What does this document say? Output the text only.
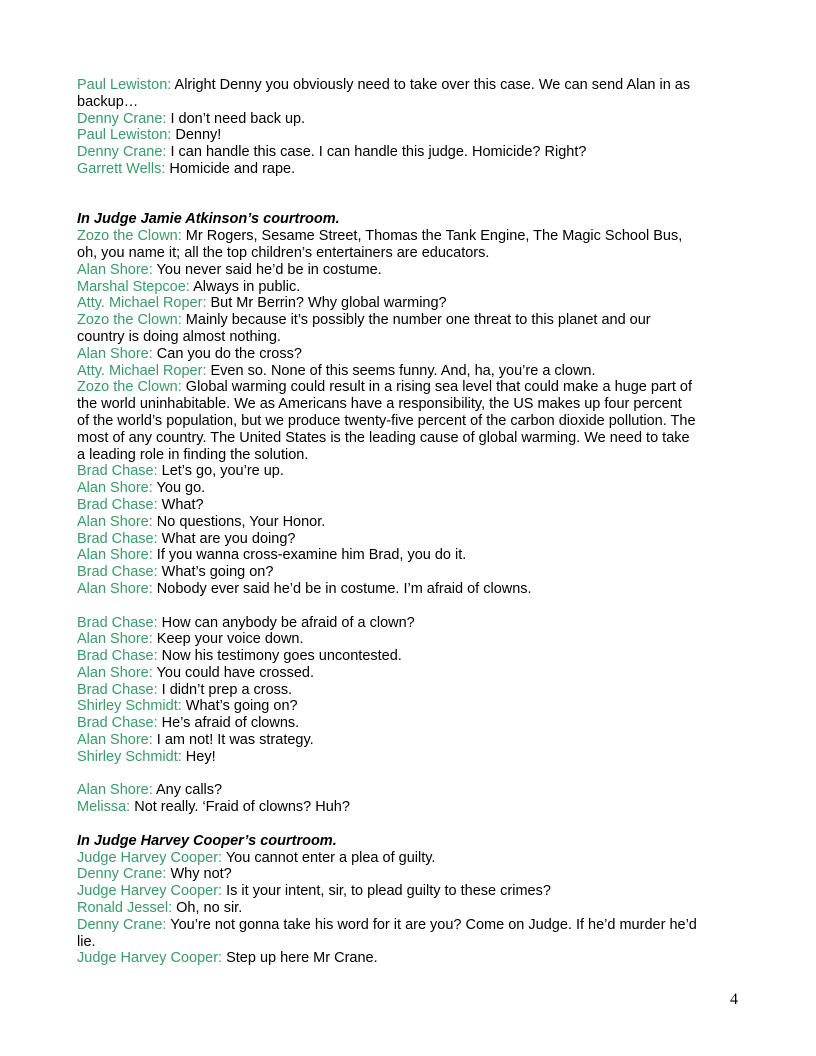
Paul Lewiston: Alright Denny you obviously need to take over this case. We can send Alan in as backup…

Denny Crane: I don’t need back up.

Paul Lewiston: Denny!

Denny Crane: I can handle this case. I can handle this judge. Homicide? Right?

Garrett Wells: Homicide and rape.

In Judge Jamie Atkinson’s courtroom.

Zozo the Clown: Mr Rogers, Sesame Street, Thomas the Tank Engine, The Magic School Bus, oh, you name it; all the top children’s entertainers are educators.

Alan Shore: You never said he’d be in costume.

Marshal Stepcoe: Always in public.

Atty. Michael Roper: But Mr Berrin? Why global warming?

Zozo the Clown: Mainly because it’s possibly the number one threat to this planet and our country is doing almost nothing.

Alan Shore: Can you do the cross?

Atty. Michael Roper: Even so. None of this seems funny. And, ha, you’re a clown.

Zozo the Clown: Global warming could result in a rising sea level that could make a huge part of the world uninhabitable. We as Americans have a responsibility, the US makes up four percent of the world’s population, but we produce twenty-five percent of the carbon dioxide pollution. The most of any country. The United States is the leading cause of global warming. We need to take a leading role in finding the solution.

Brad Chase: Let’s go, you’re up.

Alan Shore: You go.

Brad Chase: What?

Alan Shore: No questions, Your Honor.

Brad Chase: What are you doing?

Alan Shore: If you wanna cross-examine him Brad, you do it.

Brad Chase: What’s going on?

Alan Shore: Nobody ever said he’d be in costume. I’m afraid of clowns.

Brad Chase: How can anybody be afraid of a clown?

Alan Shore: Keep your voice down.

Brad Chase: Now his testimony goes uncontested.

Alan Shore: You could have crossed.

Brad Chase: I didn’t prep a cross.

Shirley Schmidt: What’s going on?

Brad Chase: He’s afraid of clowns.

Alan Shore: I am not! It was strategy.

Shirley Schmidt: Hey!

Alan Shore: Any calls?

Melissa: Not really. ‘Fraid of clowns? Huh?

In Judge Harvey Cooper’s courtroom.

Judge Harvey Cooper: You cannot enter a plea of guilty.

Denny Crane: Why not?

Judge Harvey Cooper: Is it your intent, sir, to plead guilty to these crimes?

Ronald Jessel: Oh, no sir.

Denny Crane: You’re not gonna take his word for it are you? Come on Judge. If he’d murder he’d lie.

Judge Harvey Cooper: Step up here Mr Crane.

4
